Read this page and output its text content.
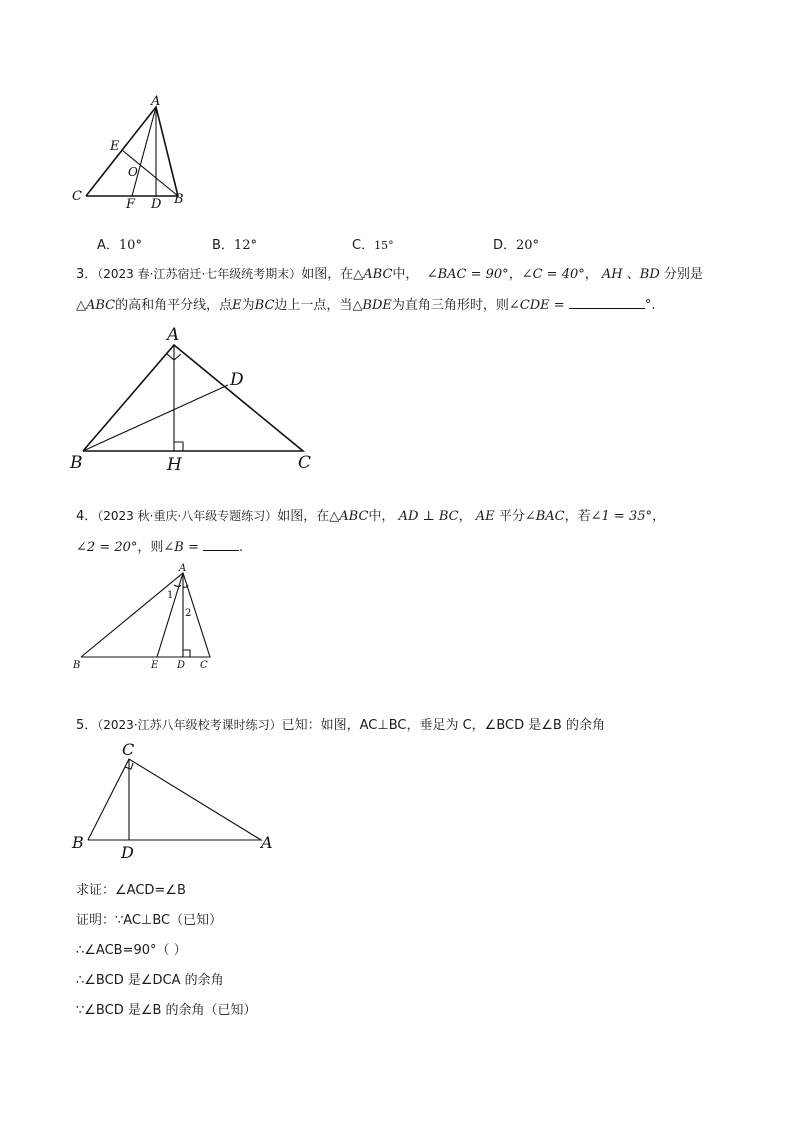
A
E
O
C
F D B
A．10°	B．12°	C．15°	D．20°
3．（2023 春·江苏宿迁·七年级统考期末）如图，在△ABC中， ∠BAC = 90°，∠C = 40°， AH 、BD 分别是
△ABC的高和角平分线，点E为BC边上一点，当△BDE为直角三角形时，则∠CDE =	°.
A
D
B	H	C
4．（2023 秋·重庆·八年级专题练习）如图，在△ABC中， AD ⊥ BC， AE 平分∠BAC，若∠1 = 35°，
∠2 = 20°，则∠B =	.
A
1
2
B	E D C
5．（2023·江苏八年级校考课时练习）已知：如图，AC⊥BC，垂足为 C，∠BCD 是∠B 的余角
C
B
D
A
求证：∠ACD=∠B
证明：∵AC⊥BC（已知）
∴∠ACB=90°（ ）
∴∠BCD 是∠DCA 的余角
∵∠BCD 是∠B 的余角（已知）
